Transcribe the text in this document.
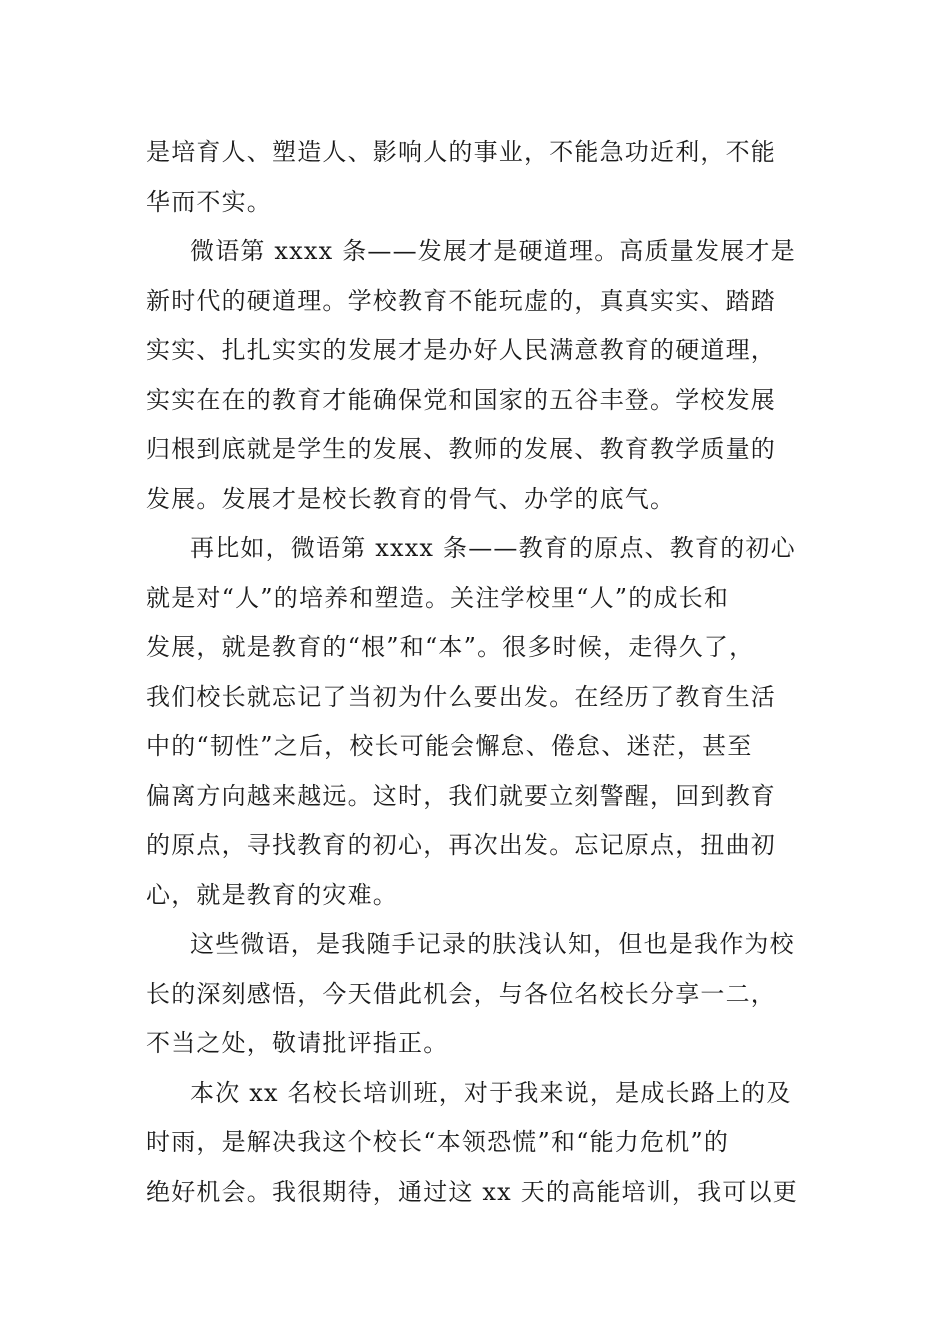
是培育人、塑造人、影响人的事业，不能急功近利，不能
华而不实。
微语第 xxxx 条——发展才是硬道理。高质量发展才是
新时代的硬道理。学校教育不能玩虚的，真真实实、踏踏
实实、扎扎实实的发展才是办好人民满意教育的硬道理，
实实在在的教育才能确保党和国家的五谷丰登。学校发展
归根到底就是学生的发展、教师的发展、教育教学质量的
发展。发展才是校长教育的骨气、办学的底气。
再比如，微语第 xxxx 条——教育的原点、教育的初心
就是对“人”的培养和塑造。关注学校里“人”的成长和
发展，就是教育的“根”和“本”。很多时候，走得久了，
我们校长就忘记了当初为什么要出发。在经历了教育生活
中的“韧性”之后，校长可能会懈怠、倦怠、迷茫，甚至
偏离方向越来越远。这时，我们就要立刻警醒，回到教育
的原点，寻找教育的初心，再次出发。忘记原点，扭曲初
心，就是教育的灾难。
这些微语，是我随手记录的肤浅认知，但也是我作为校
长的深刻感悟，今天借此机会，与各位名校长分享一二，
不当之处，敬请批评指正。
本次 xx 名校长培训班，对于我来说，是成长路上的及
时雨，是解决我这个校长“本领恐慌”和“能力危机”的
绝好机会。我很期待，通过这 xx 天的高能培训，我可以更
